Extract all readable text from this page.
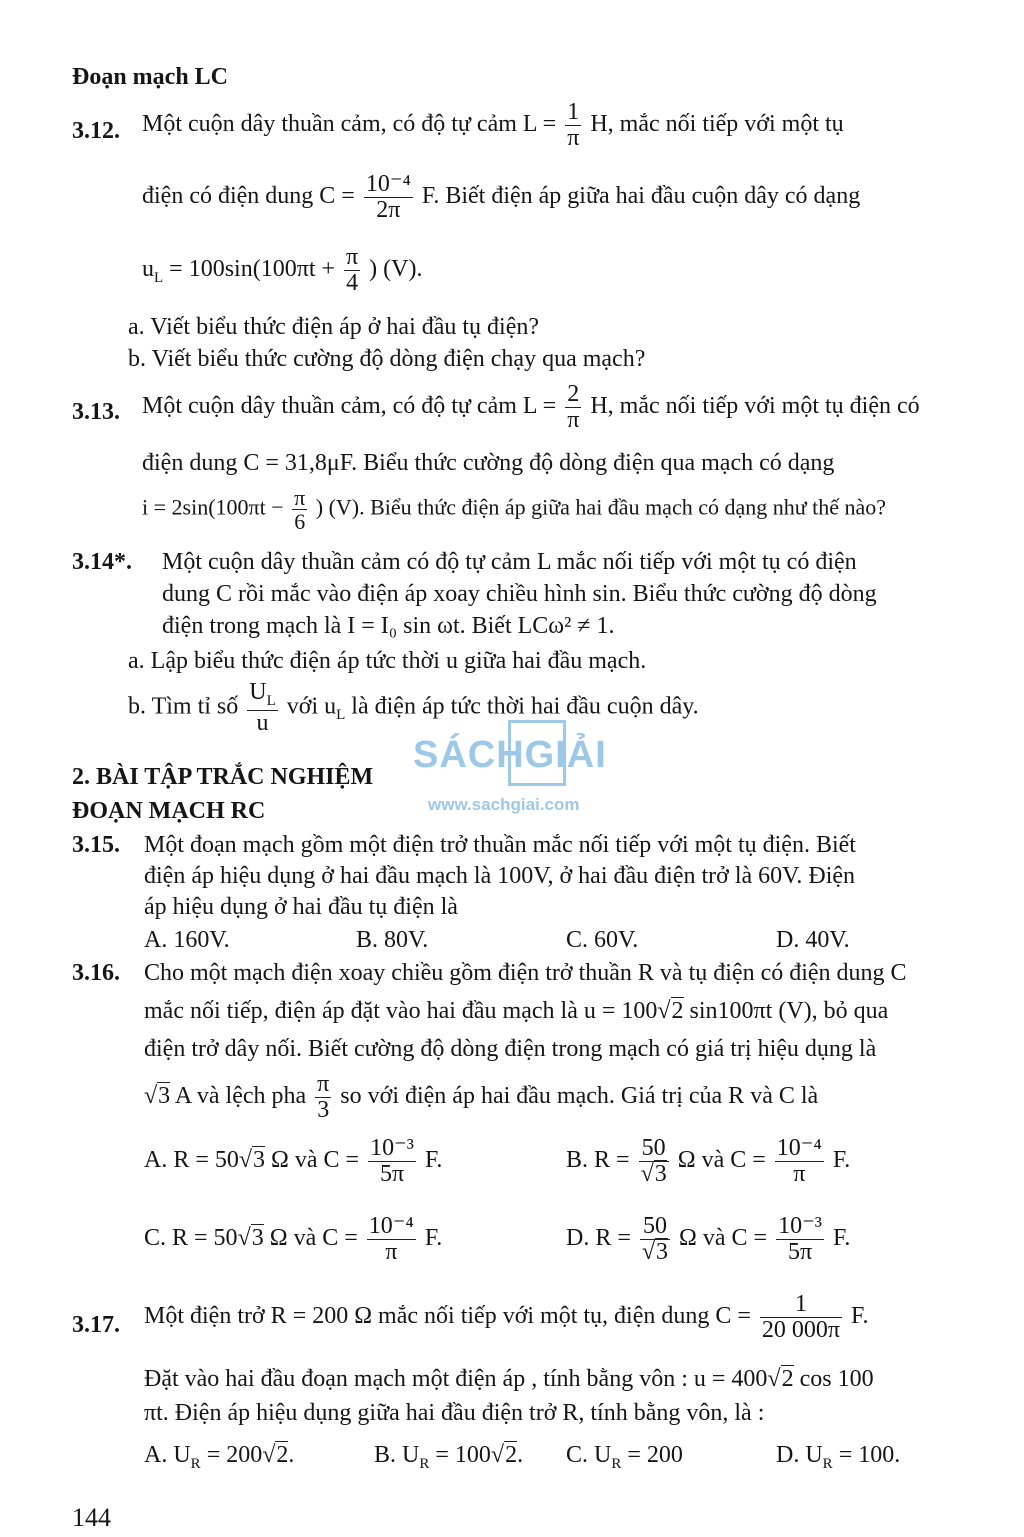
Đoạn mạch LC
3.12. Một cuộn dây thuần cảm, có độ tự cảm $L = \frac{1}{\pi} H$, mắc nối tiếp với một tụ
điện có điện dung $C = \frac{\text{10⁻⁴}}{2\pi} F$. Biết điện áp giữa hai đầu cuộn dây có dạng
$u_L = 100\sin(100\pi t + \frac{\pi}{4}$ ) (V).
a. Viết biểu thức điện áp ở hai đầu tụ điện?
b. Viết biểu thức cường độ dòng điện chạy qua mạch?
3.13. Một cuộn dây thuần cảm, có độ tự cảm $L = \frac{2}{\pi} H$, mắc nối tiếp với một tụ điện có
điện dung C = 31,8μF. Biểu thức cường độ dòng điện qua mạch có dạng
$i = 2\sin(100\pi t - \frac{\pi}{6}$ ) (V). Biểu thức điện áp giữa hai đầu mạch có dạng như thế nào?
3.14*. Một cuộn dây thuần cảm có độ tự cảm L mắc nối tiếp với một tụ có điện
dung C rồi mắc vào điện áp xoay chiều hình sin. Biểu thức cường độ dòng
điện trong mạch là I = I₀ sin ωt. Biết LCω² ≠ 1.
a. Lập biểu thức điện áp tức thời u giữa hai đầu mạch.
b. Tìm tỉ số $\frac{U_L}{u}$ với $u_L$ là điện áp tức thời hai đầu cuộn dây.
2. BÀI TẬP TRẮC NGHIỆM
ĐOẠN MẠCH RC
SÁCHGIẢI
www.sachgiai.com
3.15. Một đoạn mạch gồm một điện trở thuần mắc nối tiếp với một tụ điện. Biết
điện áp hiệu dụng ở hai đầu mạch là 100V, ở hai đầu điện trở là 60V. Điện
áp hiệu dụng ở hai đầu tụ điện là
A. 160V.	B. 80V.	C. 60V.	D. 40V.
3.16. Cho một mạch điện xoay chiều gồm điện trở thuần R và tụ điện có điện dung C
mắc nối tiếp, điện áp đặt vào hai đầu mạch là u = 100√2 sin100πt (V), bỏ qua
điện trở dây nối. Biết cường độ dòng điện trong mạch có giá trị hiệu dụng là
√3 A và lệch pha $\frac{\pi}{3}$ so với điện áp hai đầu mạch. Giá trị của R và C là
A. R = 50√3 Ω và $C = \frac{\text{10⁻³}}{5\pi} F$.	B. $R = \frac{50}{√3}$ Ω và $C = \frac{\text{10⁻⁴}}{\pi} F$.
C. R = 50√3 Ω và $C = \frac{\text{10⁻⁴}}{\pi} F$.	D. $R = \frac{50}{√3}$ Ω và $C = \frac{\text{10⁻³}}{5\pi} F$.
3.17. Một điện trở R = 200 Ω mắc nối tiếp với một tụ, điện dung $C = \frac{1}{20 000\pi} F$.
Đặt vào hai đầu đoạn mạch một điện áp , tính bằng vôn : u = 400√2 cos 100
πt. Điện áp hiệu dụng giữa hai đầu điện trở R, tính bằng vôn, là :
A. $U_R = 200√2$.	B. $U_R = 100√2$. C. $U_R = 200$	D. $U_R = 100$.
144
